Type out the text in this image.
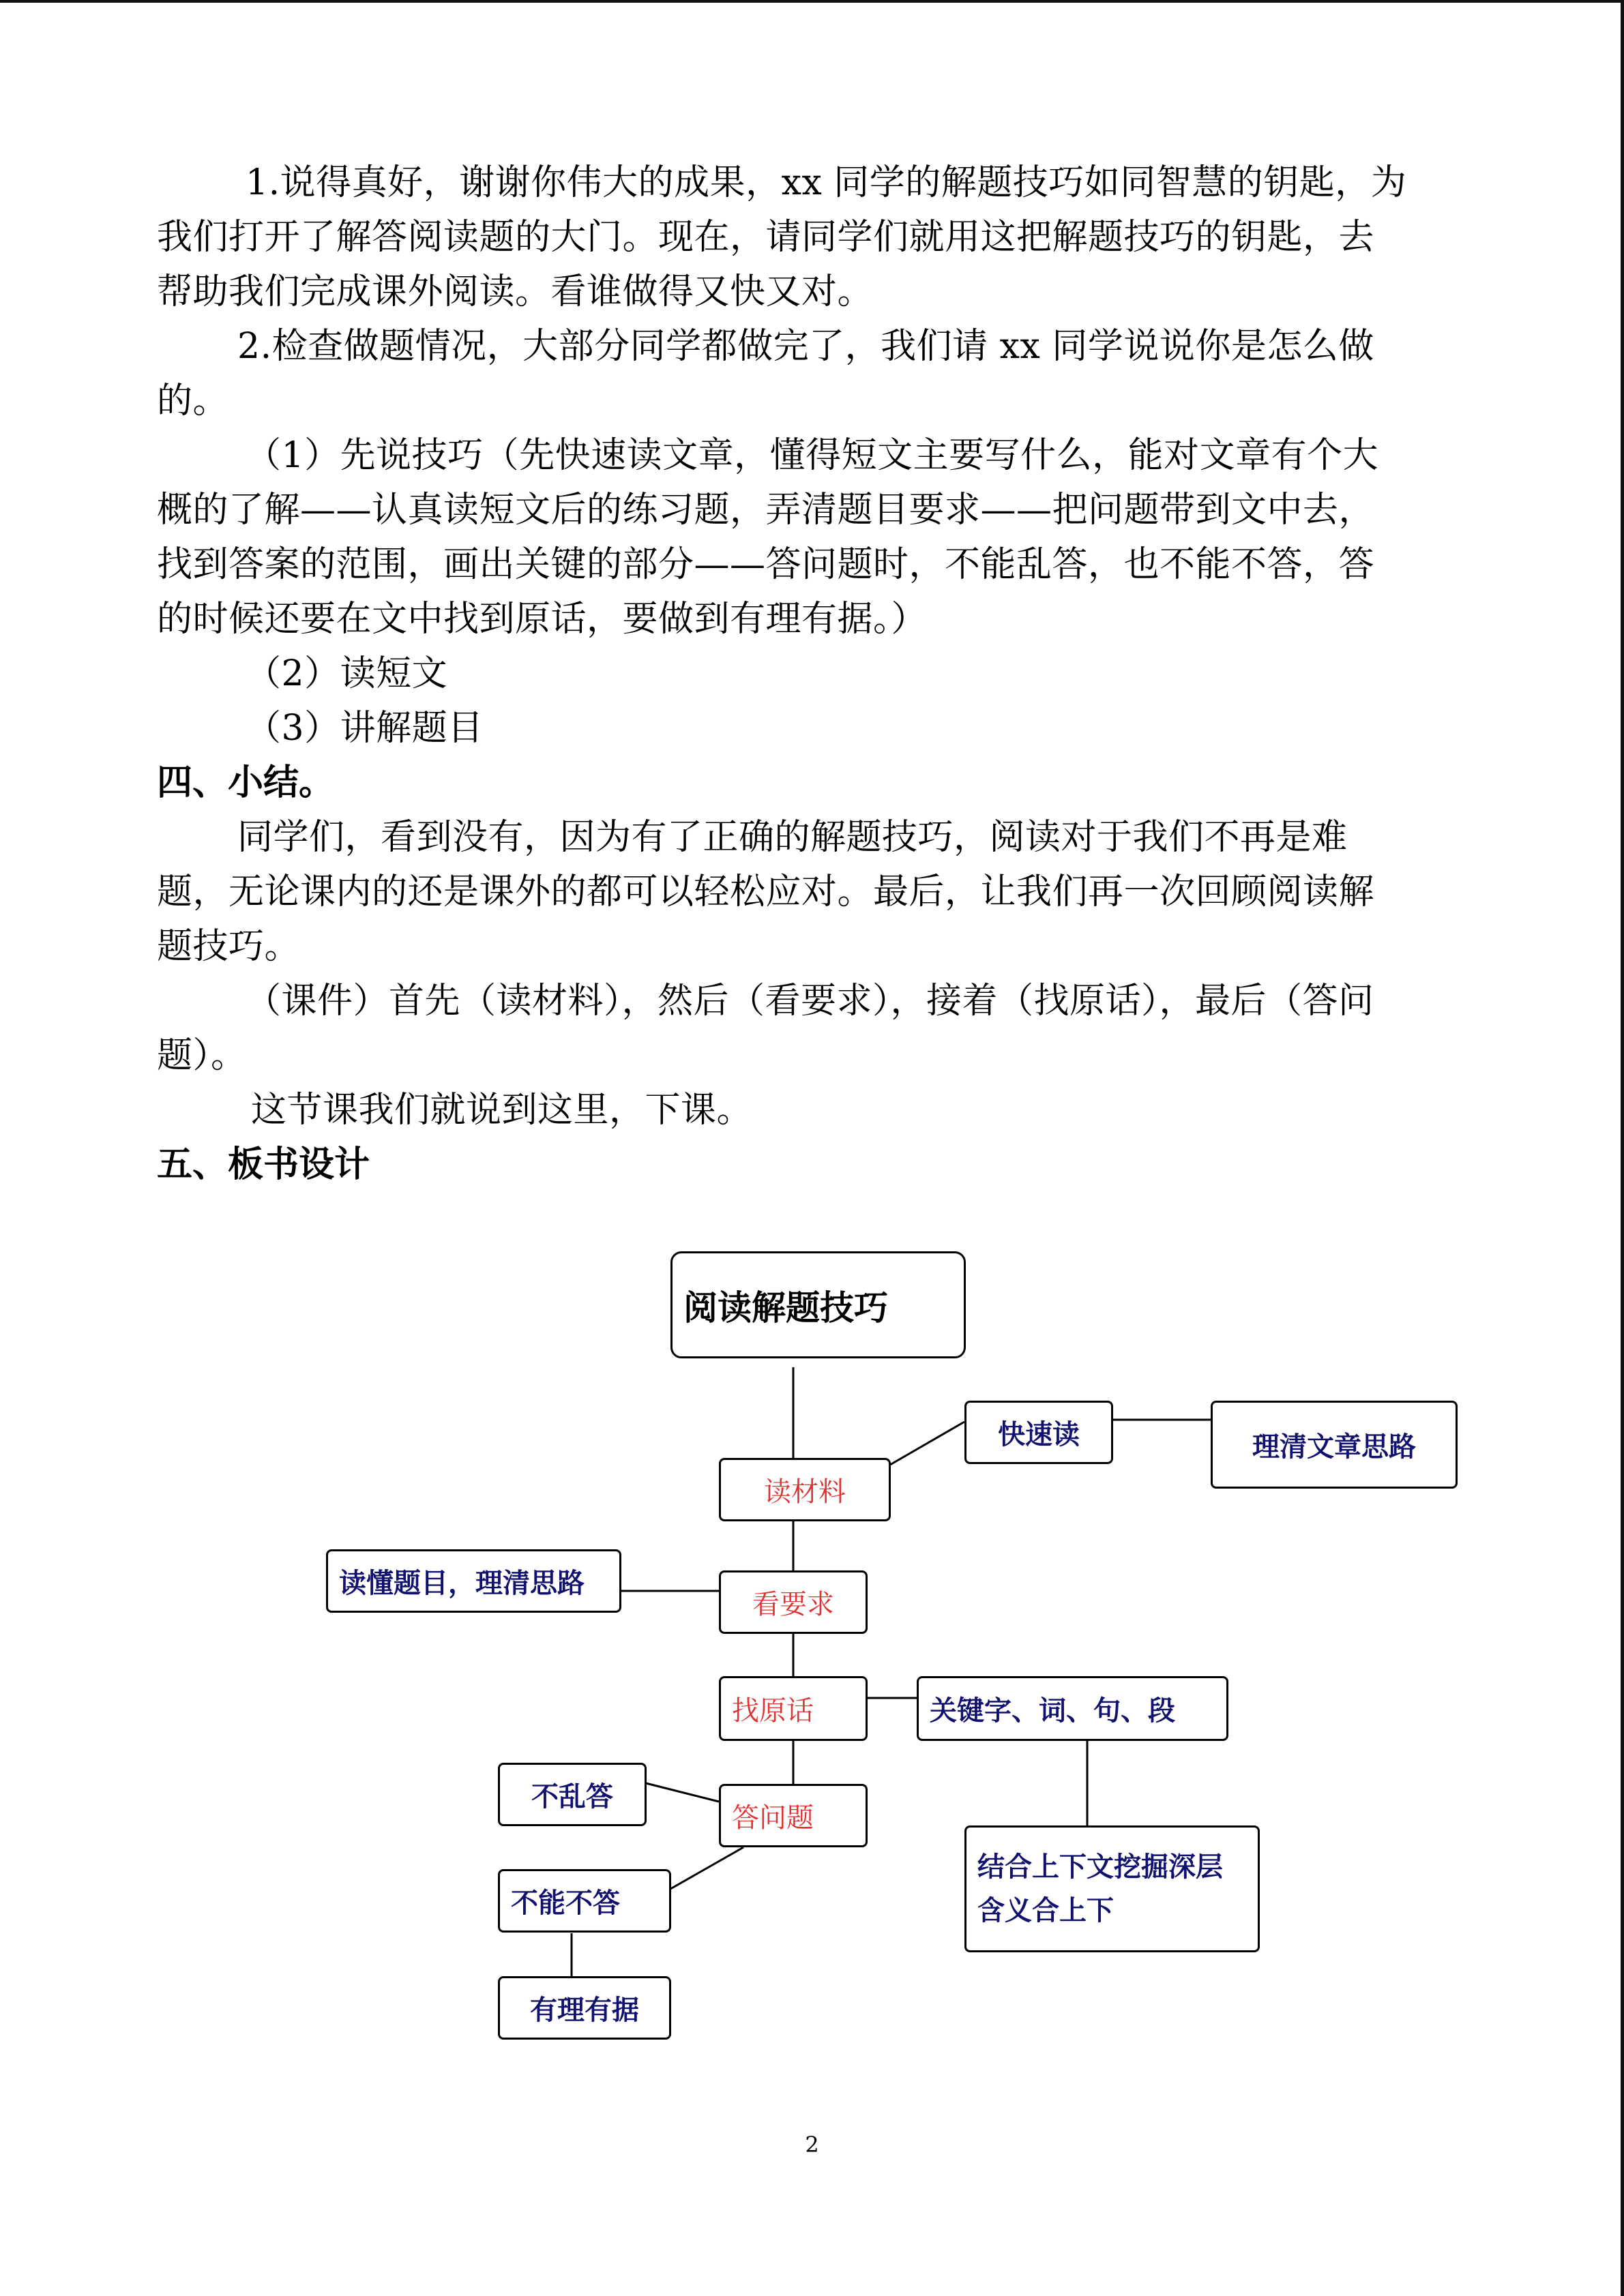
1.说得真好，谢谢你伟大的成果，xx 同学的解题技巧如同智慧的钥匙，为
我们打开了解答阅读题的大门。现在，请同学们就用这把解题技巧的钥匙，去
帮助我们完成课外阅读。看谁做得又快又对。
2.检查做题情况，大部分同学都做完了，我们请 xx 同学说说你是怎么做
的。
（1）先说技巧（先快速读文章，懂得短文主要写什么，能对文章有个大
概的了解——认真读短文后的练习题，弄清题目要求——把问题带到文中去，
找到答案的范围，画出关键的部分——答问题时，不能乱答，也不能不答，答
的时候还要在文中找到原话，要做到有理有据。）
（2）读短文
（3）讲解题目
四、小结。
同学们，看到没有，因为有了正确的解题技巧，阅读对于我们不再是难
题，无论课内的还是课外的都可以轻松应对。最后，让我们再一次回顾阅读解
题技巧。
（课件）首先（读材料），然后（看要求），接着（找原话），最后（答问
题）。
这节课我们就说到这里，下课。
五、板书设计
阅读解题技巧
读材料
看要求
找原话
答问题
快速读	理清文章思路
读懂题目，理清思路
关键字、词、句、段
结合上下文挖掘深层含义合上下
不乱答
不能不答
有理有据
2
